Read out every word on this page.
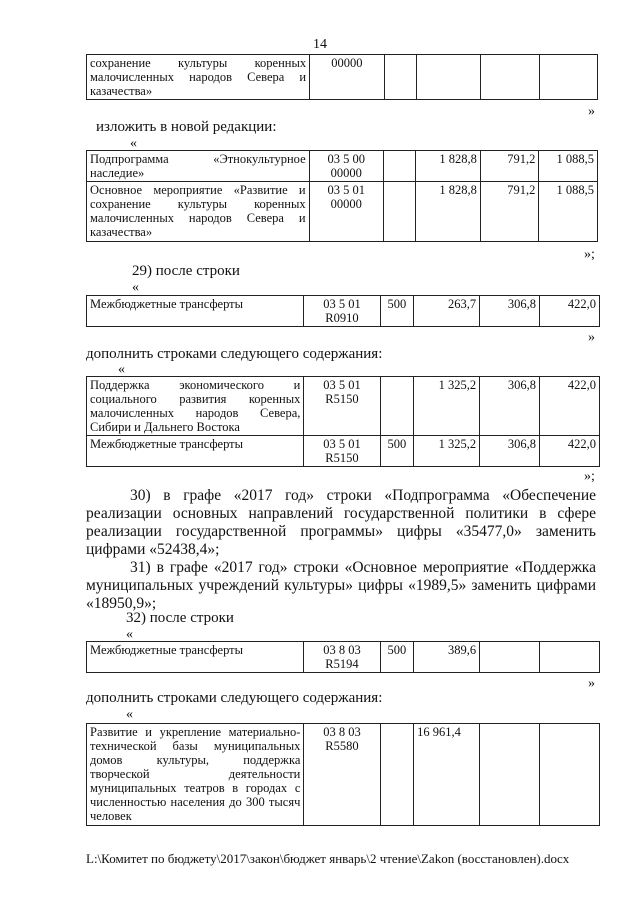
14
сохранение культуры коренных малочисленных народов Севера и казачества»	00000

»
изложить в новой редакции:
«
Подпрограмма «Этнокультурное наследие»	03 5 00
00000		1 828,8	791,2	1 088,5
Основное мероприятие «Развитие и сохранение культуры коренных малочисленных народов Севера и казачества»	03 5 01
00000		1 828,8	791,2	1 088,5
»;
29) после строки
«
Межбюджетные трансферты	03 5 01
R0910	500	263,7	306,8	422,0
»
дополнить строками следующего содержания:
«
Поддержка экономического и социального развития коренных малочисленных народов Севера, Сибири и Дальнего Востока	03 5 01
R5150		1 325,2	306,8	422,0
Межбюджетные трансферты	03 5 01
R5150	500	1 325,2	306,8	422,0
»;
30) в графе «2017 год» строки «Подпрограмма «Обеспечение реализации основных направлений государственной политики в сфере реализации государственной программы» цифры «35477,0» заменить цифрами «52438,4»;
31) в графе «2017 год» строки «Основное мероприятие «Поддержка муниципальных учреждений культуры» цифры «1989,5» заменить цифрами «18950,9»;
32) после строки
«
Межбюджетные трансферты	03 8 03
R5194	500	389,6		
»
дополнить строками следующего содержания:
«
Развитие и укрепление материально-технической базы муниципальных домов культуры, поддержка творческой деятельности муниципальных театров в городах с численностью населения до 300 тысяч человек	03 8 03
R5580		16 961,4		
L:\Комитет по бюджету\2017\закон\бюджет январь\2 чтение\Zakon (восстановлен).docx
